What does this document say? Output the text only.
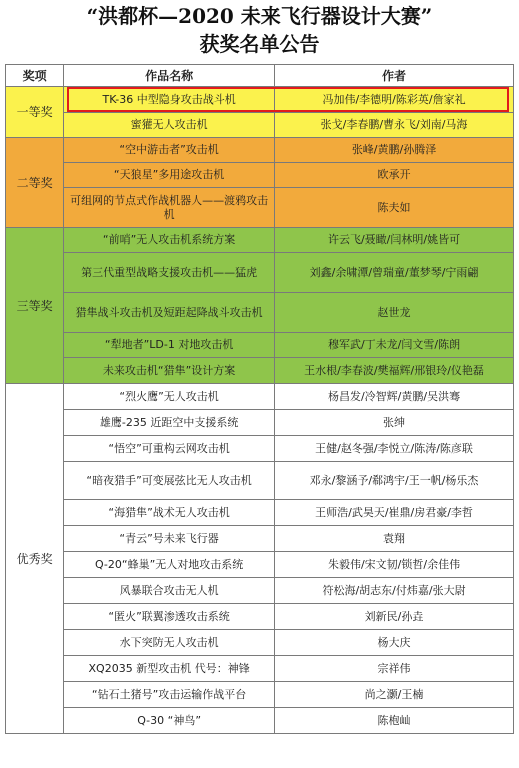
“洪都杯—2020 未来飞行器设计大赛”
获奖名单公告
奖项	作品名称	作者
一等奖	TK-36 中型隐身攻击战斗机	冯加伟/李德明/陈彩英/詹家礼
	蜜獾无人攻击机	张戈/李春鹏/曹永飞/刘南/马海
二等奖	“空中游击者”攻击机	张峰/黄鹏/孙腾泽
	“天狼星”多用途攻击机	欧承开
	可组网的节点式作战机器人——渡鸦攻击机	陈夫如
三等奖	“前哨”无人攻击机系统方案	许云飞/聂瞰/闫林明/姚皆可
	第三代重型战略支援攻击机——猛虎	刘鑫/余啸潭/曾瑞童/董梦琴/宁雨翩
	猎隼战斗攻击机及短距起降战斗攻击机	赵世龙
	“犁地者”LD-1 对地攻击机	穆军武/丁未龙/闫文雪/陈朗
	未来攻击机“猎隼”设计方案	王水根/李春波/樊福辉/邢银玲/仪艳磊
优秀奖	“烈火鹰”无人攻击机	杨昌发/冷智辉/黄鹏/吴洪骞
	雄鹰-235 近距空中支援系统	张绅
	“悟空”可重构云网攻击机	王健/赵冬强/李悦立/陈涛/陈彦联
	“暗夜猎手”可变展弦比无人攻击机	邓永/黎涵予/郗鸿宇/王一帆/杨乐杰
	“海猎隼”战术无人攻击机	王师浩/武昊天/崔鼎/房君豪/李哲
	“青云”号未来飞行器	袁翔
	Q-20“蜂巢”无人对地攻击系统	朱毅伟/宋文韧/锁哲/余佳伟
	风暴联合攻击无人机	符松海/胡志东/付炜嘉/张大尉
	“匿火”联翼渗透攻击系统	刘新民/孙垚
	水下突防无人攻击机	杨大庆
	XQ2035 新型攻击机 代号：神锋	宗祥伟
	“钻石土猪号”攻击运输作战平台	尚之灏/王楠
	Q-30 “神鸟”	陈枹屾
